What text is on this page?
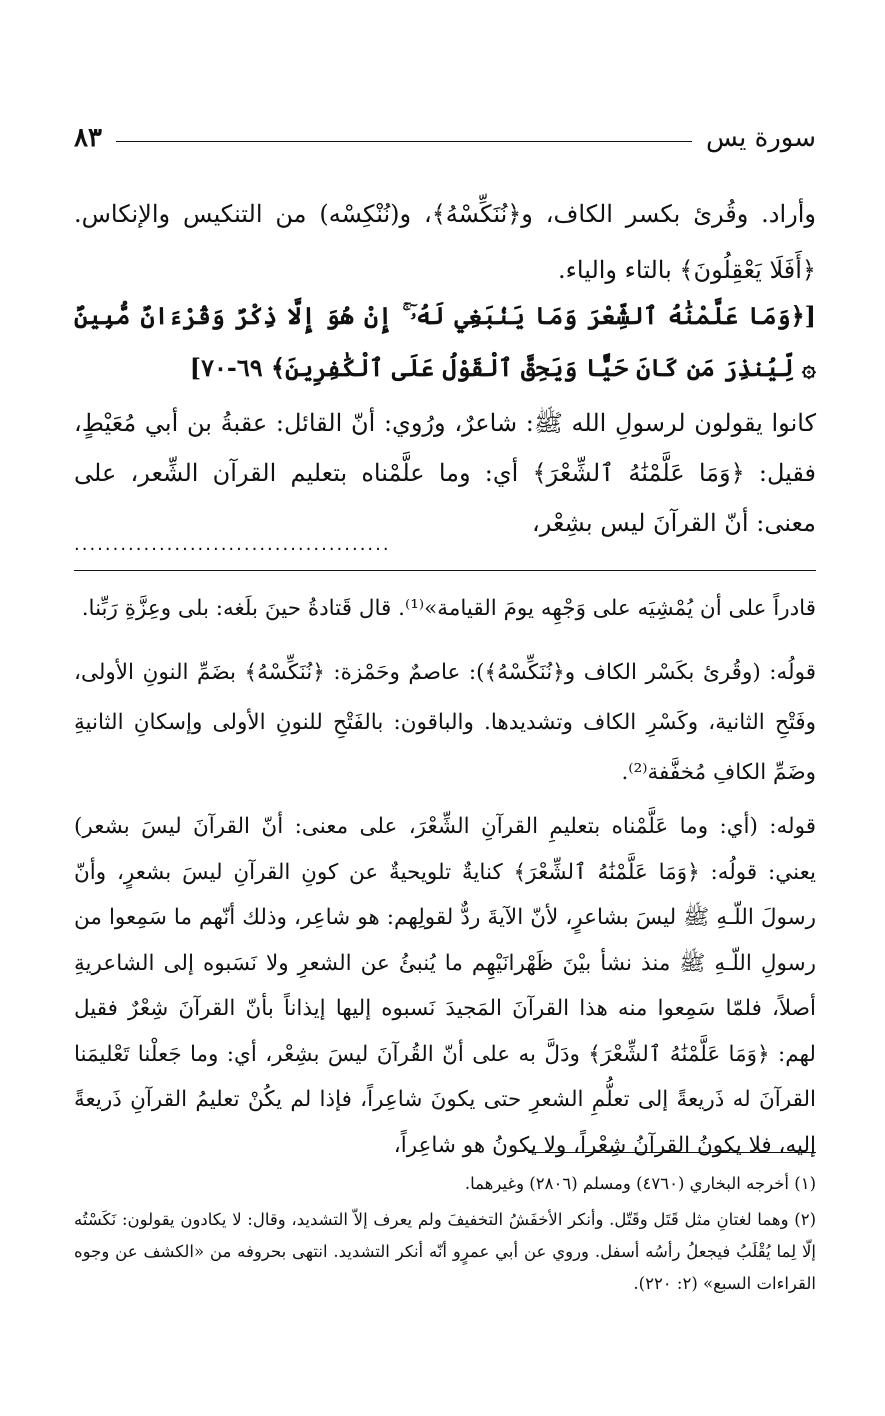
سورة يس
٨٣
وأراد. وقُرئ بكسر الكاف، و﴿نُنَكِّسْهُ﴾، و(نُنْكِسْه) من التنكيس والإنكاس. ﴿أَفَلَا يَعْقِلُونَ﴾ بالتاء والياء.
[﴿وَمَا عَلَّمْنَٰهُ ٱلشِّعْرَ وَمَا يَنۢبَغِي لَهُۥٓ ۚ إِنْ هُوَ إِلَّا ذِكْرٌ وَقُرْءَانٌ مُّبِينٌ ۞ لِّيُنذِرَ مَن كَانَ حَيًّا وَيَحِقَّ ٱلْقَوْلُ عَلَى ٱلْكَٰفِرِينَ﴾ ٦٩-٧٠]
كانوا يقولون لرسولِ الله ﷺ: شاعرٌ، ورُوي: أنّ القائل: عقبةُ بن أبي مُعَيْطٍ، فقيل: ﴿وَمَا عَلَّمْنَٰهُ ٱلشِّعْرَ﴾ أي: وما علَّمْناه بتعليم القرآن الشِّعر، على معنى: أنّ القرآنَ ليس بشِعْر،
.........................................
قادراً على أن يُمْشِيَه على وَجْهِه يومَ القيامة»⁽¹⁾. قال قَتادةُ حينَ بلَغه: بلى وعِزَّةِ رَبِّنا.
قولُه: (وقُرئ بكَسْر الكاف و﴿نُنَكِّسْهُ﴾): عاصمٌ وحَمْزة: ﴿نُنَكِّسْهُ﴾ بضَمِّ النونِ الأولى، وفَتْحِ الثانية، وكَسْرِ الكاف وتشديدها. والباقون: بالفَتْحِ للنونِ الأولى وإسكانِ الثانيةِ وضَمِّ الكافِ مُخفَّفة⁽²⁾.
قوله: (أي: وما عَلَّمْناه بتعليمِ القرآنِ الشِّعْرَ، على معنى: أنّ القرآنَ ليسَ بشعر) يعني: قولُه: ﴿وَمَا عَلَّمْنَٰهُ ٱلشِّعْرَ﴾ كنايةٌ تلويحيةٌ عن كونِ القرآنِ ليسَ بشعرٍ، وأنّ رسولَ اللّـهِ ﷺ ليسَ بشاعرٍ، لأنّ الآيةَ ردٌّ لقولِهم: هو شاعِر، وذلك أنّهم ما سَمِعوا من رسولِ اللّـهِ ﷺ منذ نشأ بيْنَ ظَهْرانَيْهِم ما يُنبئُ عن الشعرِ ولا نَسَبوه إلى الشاعريةِ أصلاً، فلمّا سَمِعوا منه هذا القرآنَ المَجيدَ نَسبوه إليها إيذاناً بأنّ القرآنَ شِعْرٌ فقيل لهم: ﴿وَمَا عَلَّمْنَٰهُ ٱلشِّعْرَ﴾ ودَلَّ به على أنّ القُرآنَ ليسَ بشِعْر، أي: وما جَعلْنا تَعْليمَنا القرآنَ له ذَريعةً إلى تعلُّمِ الشعرِ حتى يكونَ شاعِراً، فإذا لم يكُنْ تعليمُ القرآنِ ذَريعةً إليه، فلا يكونُ القرآنُ شِعْراً، ولا يكونُ هو شاعِراً،
(١) أخرجه البخاري (٤٧٦٠) ومسلم (٢٨٠٦) وغيرهما.
(٢) وهما لغتانِ مثل قَتَل وقَتّل. وأنكر الأخفَشُ التخفيفَ ولم يعرف إلاّ التشديد، وقال: لا يكادون يقولون: نَكَسْتُه إلّا لِما يُقْلَبُ فيجعلُ رأسُه أسفل. وروي عن أبي عمرٍو أنّه أنكر التشديد. انتهى بحروفه من «الكشف عن وجوه القراءات السبع» (٢: ٢٢٠).
